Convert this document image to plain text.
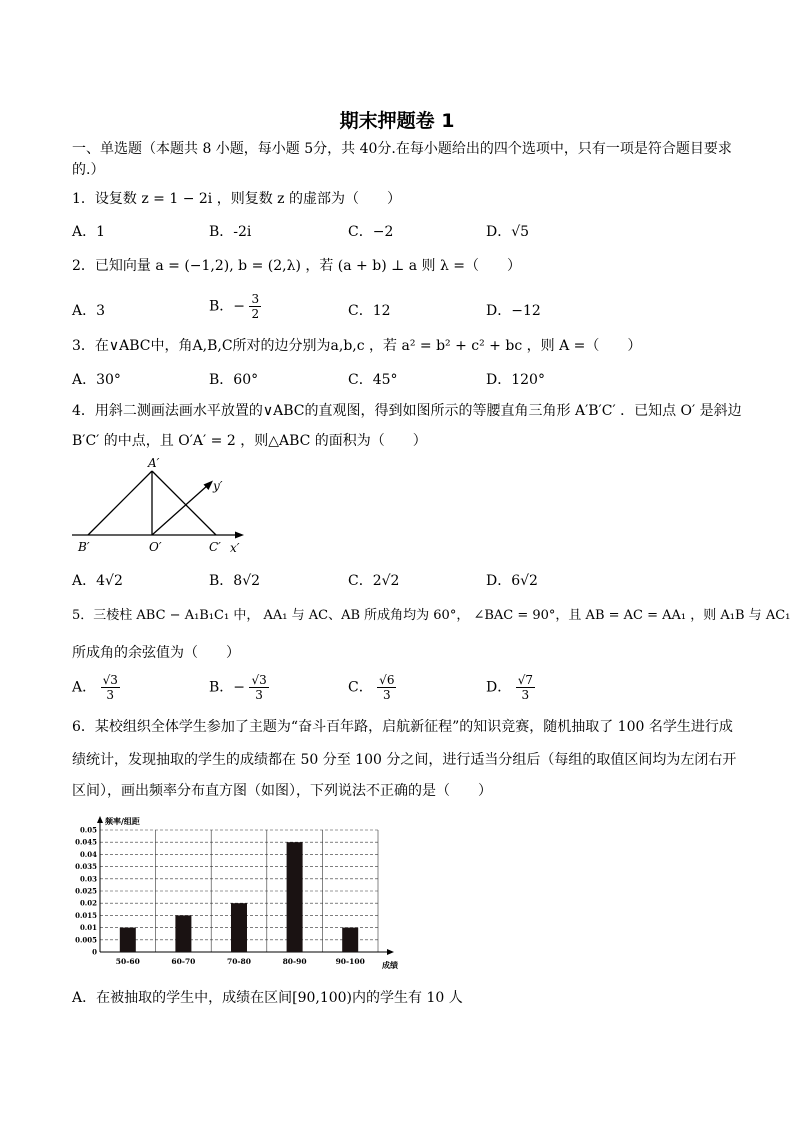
期末押题卷 1
一、单选题（本题共 8 小题，每小题 5分，共 40分.在每小题给出的四个选项中，只有一项是符合题目要求
的.）
1．设复数 z = 1 − 2i ，则复数 z 的虚部为（　　）
A．1	B．-2i	C．−2	D．√5
2．已知向量 a = (−1,2), b = (2,λ) ，若 (a + b) ⊥ a 则 λ =（　　）
A．3	B．− $\frac{3}{2}$	C．12	D．−12
3．在∨ABC中，角A,B,C所对的边分别为a,b,c ，若 a² = b² + c² + bc ，则 A =（　　）
A．30°	B．60°	C．45°	D．120°
4．用斜二测画法画水平放置的∨ABC的直观图，得到如图所示的等腰直角三角形 A′B′C′ ．已知点 O′ 是斜边
B′C′ 的中点，且 O′A′ = 2 ，则△ABC 的面积为（　　）
A′
B′	O′	C′ x′
y′
A．4√2	B．8√2	C．2√2	D．6√2
5．三棱柱 ABC − A₁B₁C₁ 中， AA₁ 与 AC、AB 所成角均为 60°， ∠BAC = 90°，且 AB = AC = AA₁ ，则 A₁B 与 AC₁
所成角的余弦值为（　　）
A． $\frac{√3}{3}$	B．− $\frac{√3}{3}$	C． $\frac{√6}{3}$	D． $\frac{√7}{3}$
6．某校组织全体学生参加了主题为“奋斗百年路，启航新征程”的知识竞赛，随机抽取了 100 名学生进行成
绩统计，发现抽取的学生的成绩都在 50 分至 100 分之间，进行适当分组后（每组的取值区间均为左闭右开
区间），画出频率分布直方图（如图），下列说法不正确的是（　　）
0
0.005
0.01
0.015
0.02
0.025
0.03
0.035
0.04
0.045
0.05
频率/组距
成绩
50-60	60-70	70-80	80-90	90-100
A．在被抽取的学生中，成绩在区间[90,100)内的学生有 10 人
